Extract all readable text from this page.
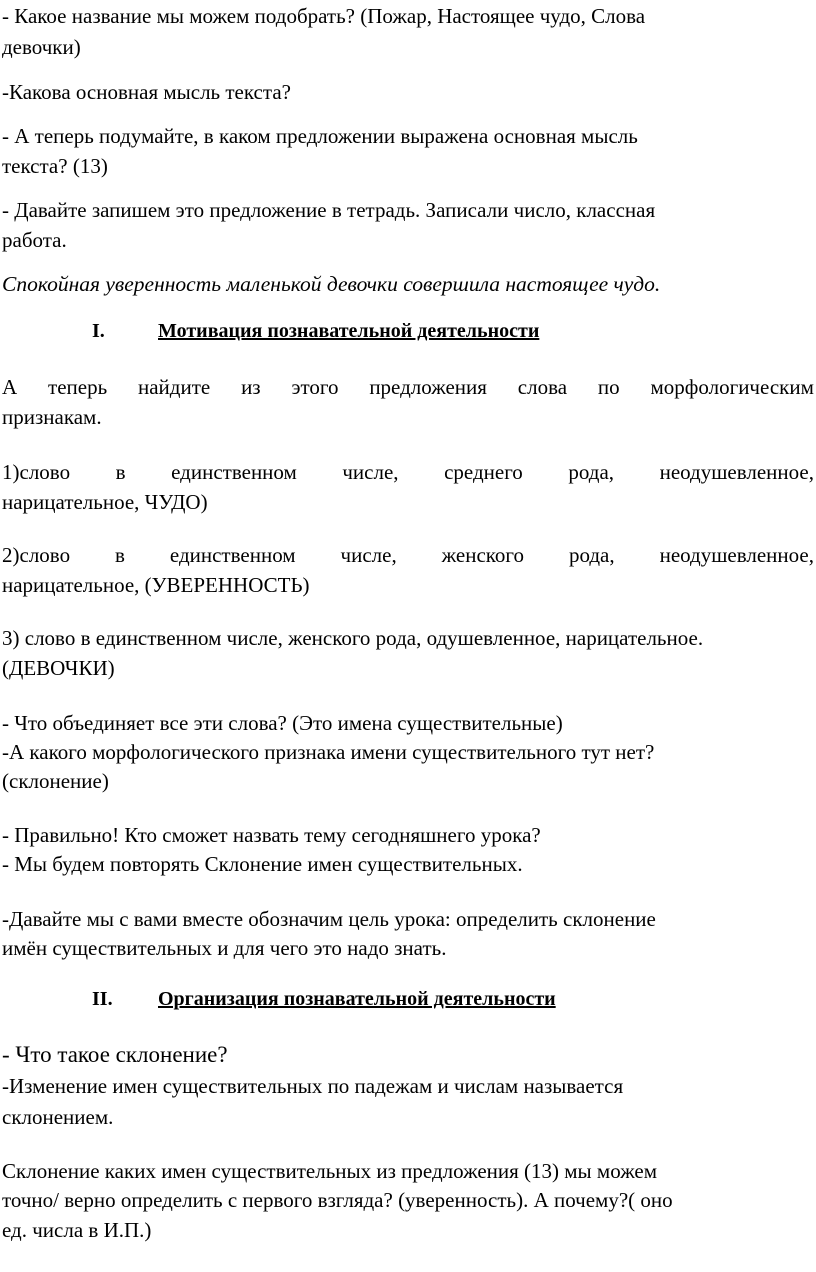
- Какое название мы можем подобрать? (Пожар, Настоящее чудо, Слова
девочки)
-Какова основная мысль текста?
- А теперь подумайте, в каком предложении выражена основная мысль
текста? (13)
- Давайте запишем это предложение в тетрадь. Записали число, классная
работа.
Спокойная уверенность маленькой девочки совершила настоящее чудо.
I.	Мотивация познавательной деятельности
А теперь найдите из этого предложения слова по морфологическим
признакам.
1)слово в единственном числе, среднего рода, неодушевленное,
нарицательное, ЧУДО)
2)слово в единственном числе, женского рода, неодушевленное,
нарицательное, (УВЕРЕННОСТЬ)
3) слово в единственном числе, женского рода, одушевленное, нарицательное.
(ДЕВОЧКИ)
- Что объединяет все эти слова? (Это имена существительные)
-А какого морфологического признака имени существительного тут нет?
(склонение)
- Правильно! Кто сможет назвать тему сегодняшнего урока?
- Мы будем повторять Склонение имен существительных.
-Давайте мы с вами вместе обозначим цель урока: определить склонение
имён существительных и для чего это надо знать.
II. Организация познавательной деятельности
- Что такое склонение?
-Изменение имен существительных по падежам и числам называется
склонением.
Склонение каких имен существительных из предложения (13) мы можем
точно/ верно определить с первого взгляда? (уверенность). А почему?( оно
ед. числа в И.П.)
